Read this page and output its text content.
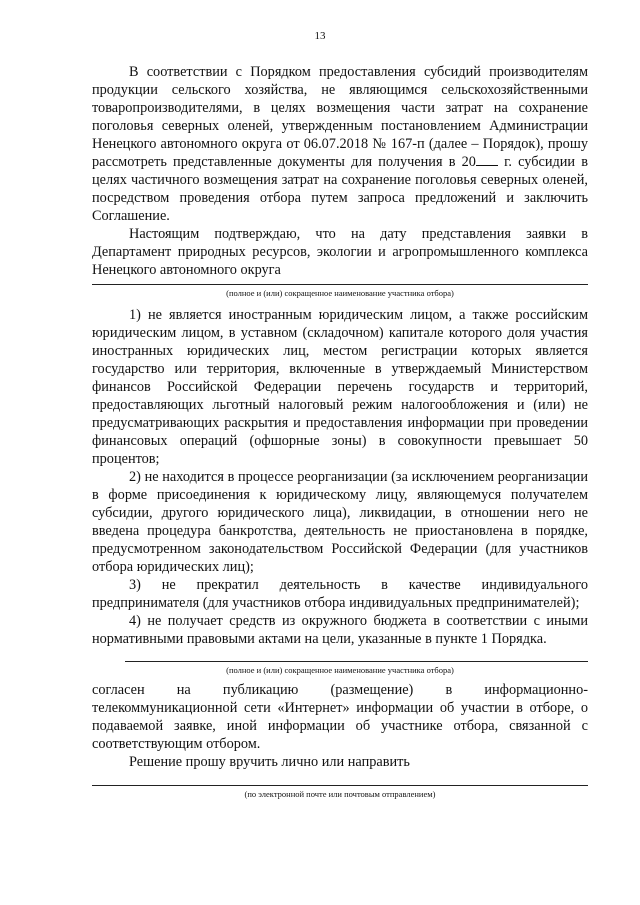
13

В соответствии с Порядком предоставления субсидий производителям продукции сельского хозяйства, не являющимся сельскохозяйственными товаропроизводителями, в целях возмещения части затрат на сохранение поголовья северных оленей, утвержденным постановлением Администрации Ненецкого автономного округа от 06.07.2018 № 167-п (далее – Порядок), прошу рассмотреть представленные документы для получения в 20 г. субсидии в целях частичного возмещения затрат на сохранение поголовья северных оленей, посредством проведения отбора путем запроса предложений и заключить Соглашение.

Настоящим подтверждаю, что на дату представления заявки в Департамент природных ресурсов, экологии и агропромышленного комплекса Ненецкого автономного округа

(полное и (или) сокращенное наименование участника отбора)

1) не является иностранным юридическим лицом, а также российским юридическим лицом, в уставном (складочном) капитале которого доля участия иностранных юридических лиц, местом регистрации которых является государство или территория, включенные в утверждаемый Министерством финансов Российской Федерации перечень государств и территорий, предоставляющих льготный налоговый режим налогообложения и (или) не предусматривающих раскрытия и предоставления информации при проведении финансовых операций (офшорные зоны) в совокупности превышает 50 процентов;

2) не находится в процессе реорганизации (за исключением реорганизации в форме присоединения к юридическому лицу, являющемуся получателем субсидии, другого юридического лица), ликвидации, в отношении него не введена процедура банкротства, деятельность не приостановлена в порядке, предусмотренном законодательством Российской Федерации (для участников отбора юридических лиц);

3) не прекратил деятельность в качестве индивидуального предпринимателя (для участников отбора индивидуальных предпринимателей);

4) не получает средств из окружного бюджета в соответствии с иными нормативными правовыми актами на цели, указанные в пункте 1 Порядка.

(полное и (или) сокращенное наименование участника отбора)

согласен на публикацию (размещение) в информационно-телекоммуникационной сети «Интернет» информации об участии в отборе, о подаваемой заявке, иной информации об участнике отбора, связанной с соответствующим отбором.

Решение прошу вручить лично или направить

(по электронной почте или почтовым отправлением)
